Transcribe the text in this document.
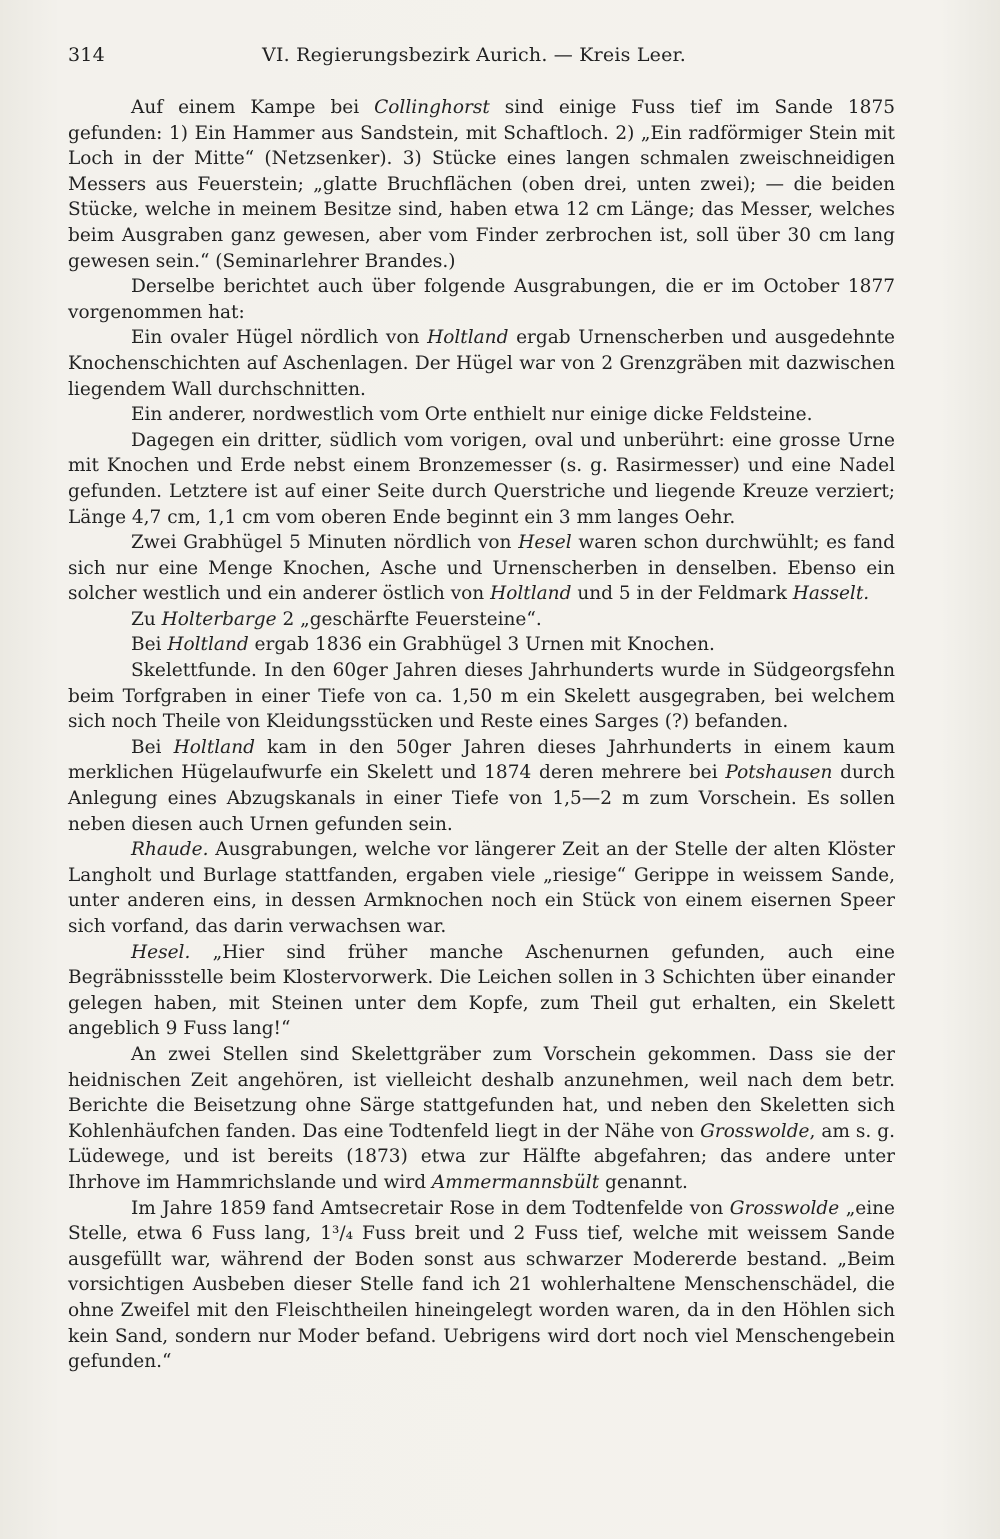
314	VI. Regierungsbezirk Aurich. — Kreis Leer.

Auf einem Kampe bei Collinghorst sind einige Fuss tief im Sande 1875 gefunden: 1) Ein Hammer aus Sandstein, mit Schaftloch. 2) „Ein radförmiger Stein mit Loch in der Mitte“ (Netzsenker). 3) Stücke eines langen schmalen zweischneidigen Messers aus Feuerstein; „glatte Bruchflächen (oben drei, unten zwei); — die beiden Stücke, welche in meinem Besitze sind, haben etwa 12 cm Länge; das Messer, welches beim Ausgraben ganz gewesen, aber vom Finder zerbrochen ist, soll über 30 cm lang gewesen sein.“ (Seminarlehrer Brandes.)

Derselbe berichtet auch über folgende Ausgrabungen, die er im October 1877 vorgenommen hat:

Ein ovaler Hügel nördlich von Holtland ergab Urnenscherben und ausgedehnte Knochenschichten auf Aschenlagen. Der Hügel war von 2 Grenzgräben mit dazwischen liegendem Wall durchschnitten.

Ein anderer, nordwestlich vom Orte enthielt nur einige dicke Feldsteine.

Dagegen ein dritter, südlich vom vorigen, oval und unberührt: eine grosse Urne mit Knochen und Erde nebst einem Bronzemesser (s. g. Rasirmesser) und eine Nadel gefunden. Letztere ist auf einer Seite durch Querstriche und liegende Kreuze verziert; Länge 4,7 cm, 1,1 cm vom oberen Ende beginnt ein 3 mm langes Oehr.

Zwei Grabhügel 5 Minuten nördlich von Hesel waren schon durchwühlt; es fand sich nur eine Menge Knochen, Asche und Urnenscherben in denselben. Ebenso ein solcher westlich und ein anderer östlich von Holtland und 5 in der Feldmark Hasselt.

Zu Holterbarge 2 „geschärfte Feuersteine“.

Bei Holtland ergab 1836 ein Grabhügel 3 Urnen mit Knochen.

Skelettfunde. In den 60ger Jahren dieses Jahrhunderts wurde in Südgeorgsfehn beim Torfgraben in einer Tiefe von ca. 1,50 m ein Skelett ausgegraben, bei welchem sich noch Theile von Kleidungsstücken und Reste eines Sarges (?) befanden.

Bei Holtland kam in den 50ger Jahren dieses Jahrhunderts in einem kaum merklichen Hügelaufwurfe ein Skelett und 1874 deren mehrere bei Potshausen durch Anlegung eines Abzugskanals in einer Tiefe von 1,5—2 m zum Vorschein. Es sollen neben diesen auch Urnen gefunden sein.

Rhaude. Ausgrabungen, welche vor längerer Zeit an der Stelle der alten Klöster Langholt und Burlage stattfanden, ergaben viele „riesige“ Gerippe in weissem Sande, unter anderen eins, in dessen Armknochen noch ein Stück von einem eisernen Speer sich vorfand, das darin verwachsen war.

Hesel. „Hier sind früher manche Aschenurnen gefunden, auch eine Begräbnissstelle beim Klostervorwerk. Die Leichen sollen in 3 Schichten über einander gelegen haben, mit Steinen unter dem Kopfe, zum Theil gut erhalten, ein Skelett angeblich 9 Fuss lang!“

An zwei Stellen sind Skelettgräber zum Vorschein gekommen. Dass sie der heidnischen Zeit angehören, ist vielleicht deshalb anzunehmen, weil nach dem betr. Berichte die Beisetzung ohne Särge stattgefunden hat, und neben den Skeletten sich Kohlenhäufchen fanden. Das eine Todtenfeld liegt in der Nähe von Grosswolde, am s. g. Lüdewege, und ist bereits (1873) etwa zur Hälfte abgefahren; das andere unter Ihrhove im Hammrichslande und wird Ammermannsbült genannt.

Im Jahre 1859 fand Amtsecretair Rose in dem Todtenfelde von Grosswolde „eine Stelle, etwa 6 Fuss lang, 1³/₄ Fuss breit und 2 Fuss tief, welche mit weissem Sande ausgefüllt war, während der Boden sonst aus schwarzer Modererde bestand. „Beim vorsichtigen Ausbeben dieser Stelle fand ich 21 wohlerhaltene Menschenschädel, die ohne Zweifel mit den Fleischtheilen hineingelegt worden waren, da in den Höhlen sich kein Sand, sondern nur Moder befand. Uebrigens wird dort noch viel Menschengebein gefunden.“
